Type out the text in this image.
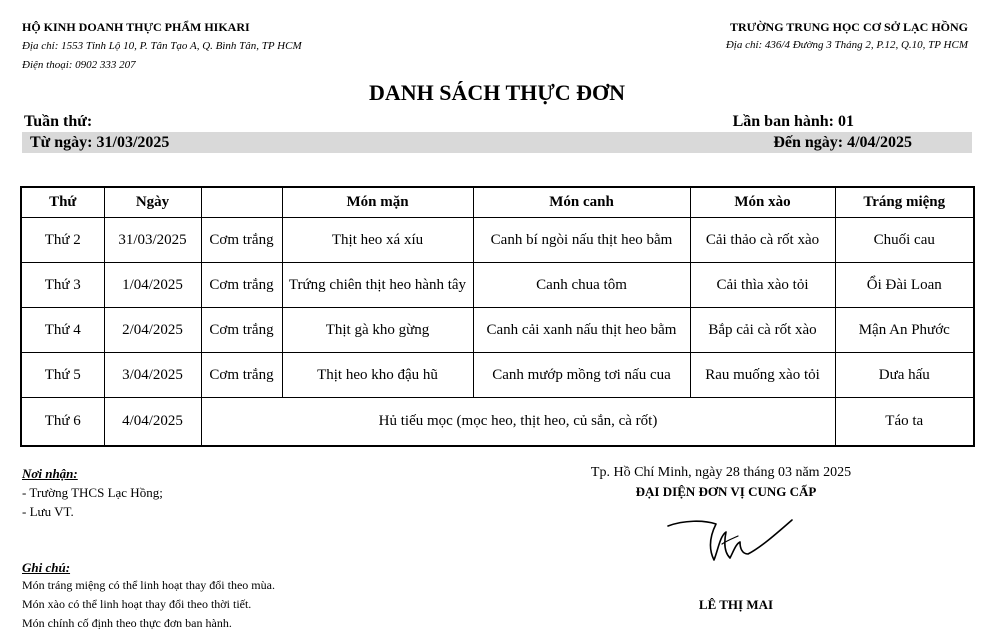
HỘ KINH DOANH THỰC PHẨM HIKARI
Địa chỉ: 1553 Tỉnh Lộ 10, P. Tân Tạo A, Q. Bình Tân, TP HCM
Điện thoại: 0902 333 207
TRƯỜNG TRUNG HỌC CƠ SỞ LẠC HỒNG
Địa chỉ: 436/4 Đường 3 Tháng 2, P.12, Q.10, TP HCM
DANH SÁCH THỰC ĐƠN
Tuần thứ:	Lần ban hành: 01
Từ ngày: 31/03/2025	Đến ngày: 4/04/2025
Thứ	Ngày		Món mặn	Món canh	Món xào	Tráng miệng
Thứ 2	31/03/2025	Cơm trắng	Thịt heo xá xíu	Canh bí ngòi nấu thịt heo bằm	Cải thảo cà rốt xào	Chuối cau
Thứ 3	1/04/2025	Cơm trắng	Trứng chiên thịt heo hành tây	Canh chua tôm	Cải thìa xào tỏi	Ổi Đài Loan
Thứ 4	2/04/2025	Cơm trắng	Thịt gà kho gừng	Canh cải xanh nấu thịt heo bằm	Bắp cải cà rốt xào	Mận An Phước
Thứ 5	3/04/2025	Cơm trắng	Thịt heo kho đậu hũ	Canh mướp mồng tơi nấu cua	Rau muống xào tỏi	Dưa hấu
Thứ 6	4/04/2025	Hủ tiếu mọc (mọc heo, thịt heo, củ sắn, cà rốt)				Táo ta
Nơi nhận:
- Trường THCS Lạc Hồng;
- Lưu VT.
Ghi chú:
Món tráng miệng có thể linh hoạt thay đổi theo mùa.
Món xào có thể linh hoạt thay đổi theo thời tiết.
Món chính cố định theo thực đơn ban hành.
Tp. Hồ Chí Minh, ngày 28 tháng 03 năm 2025
ĐẠI DIỆN ĐƠN VỊ CUNG CẤP
LÊ THỊ MAI
